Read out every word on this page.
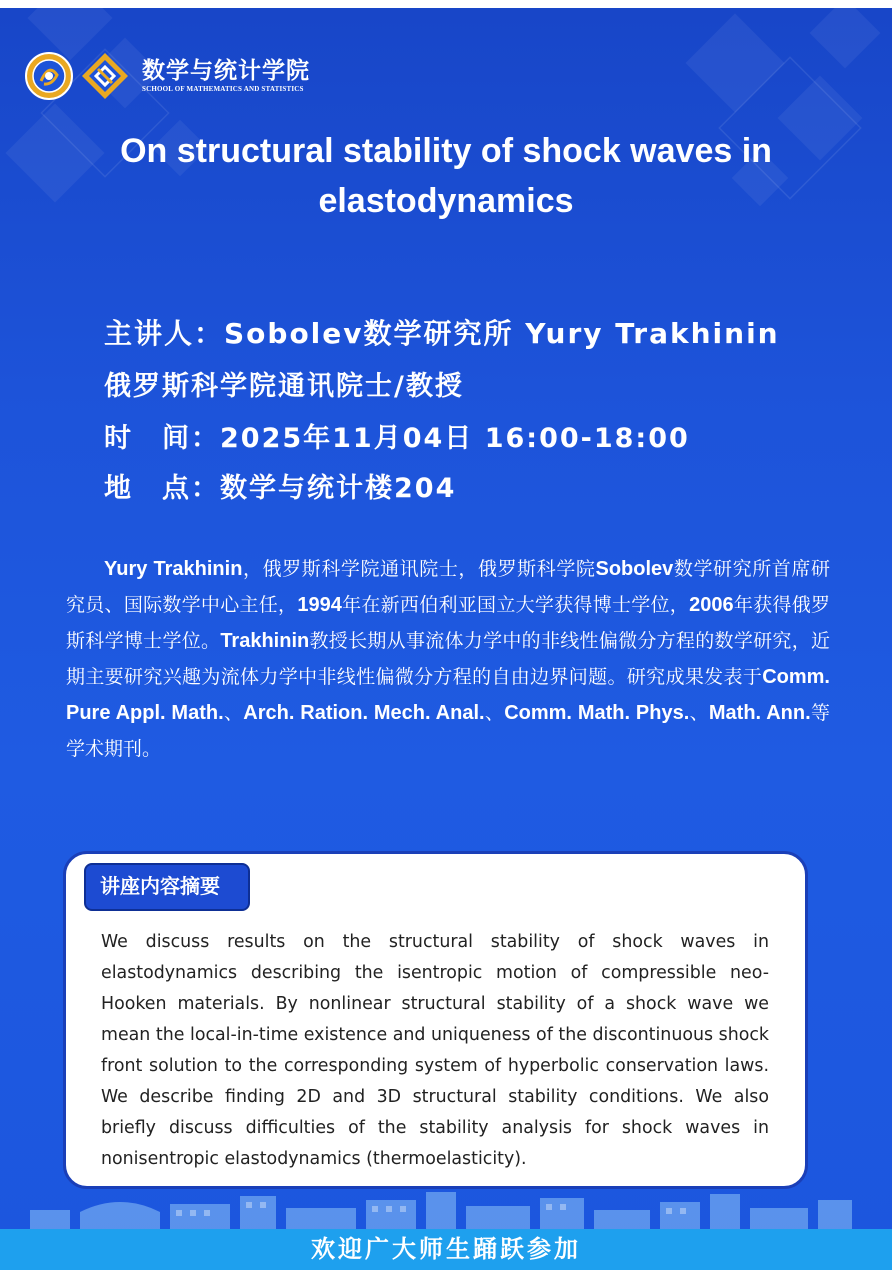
数学与统计学院
SCHOOL OF MATHEMATICS AND STATISTICS
On structural stability of shock waves in
elastodynamics
主讲人：Sobolev数学研究所 Yury Trakhinin
俄罗斯科学院通讯院士/教授
时　间：2025年11月04日 16:00-18:00
地　点：数学与统计楼204
Yury Trakhinin，俄罗斯科学院通讯院士，俄罗斯科学院Sobolev数学研究所首席研究员、国际数学中心主任，1994年在新西伯利亚国立大学获得博士学位，2006年获得俄罗斯科学博士学位。Trakhinin教授长期从事流体力学中的非线性偏微分方程的数学研究，近期主要研究兴趣为流体力学中非线性偏微分方程的自由边界问题。研究成果发表于Comm. Pure Appl. Math.、Arch. Ration. Mech. Anal.、Comm. Math. Phys.、Math. Ann.等学术期刊。
讲座内容摘要
We discuss results on the structural stability of shock waves in elastodynamics describing the isentropic motion of compressible neo-Hooken materials. By nonlinear structural stability of a shock wave we mean the local-in-time existence and uniqueness of the discontinuous shock front solution to the corresponding system of hyperbolic conservation laws. We describe finding 2D and 3D structural stability conditions. We also briefly discuss difficulties of the stability analysis for shock waves in nonisentropic elastodynamics (thermoelasticity).
欢迎广大师生踊跃参加
